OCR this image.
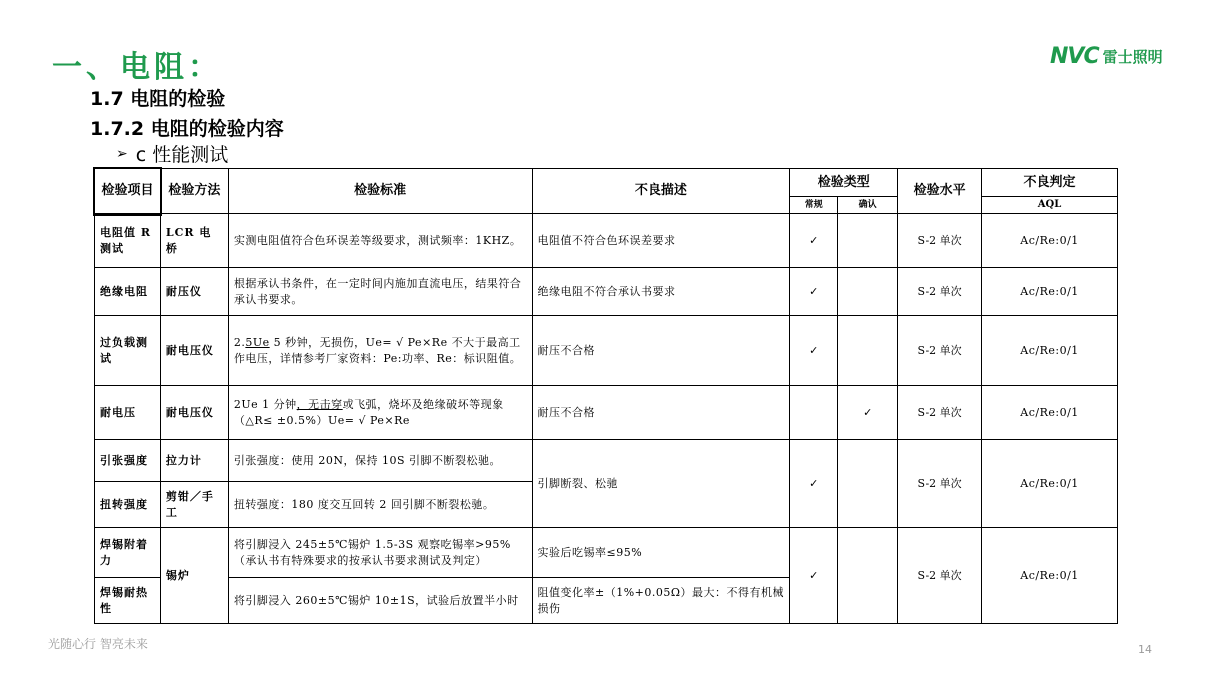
一、电阻：	NVC 雷士照明
1.7 电阻的检验
1.7.2 电阻的检验内容
➢ c 性能测试
检验项目	检验方法	检验标准	不良描述	检验类型		检验水平	不良判定
				常规	确认		AQL
电阻值 R 测试	LCR 电桥	实测电阻值符合色环误差等级要求，测试频率：1KHZ。	电阻值不符合色环误差要求	✓		S-2 单次	Ac/Re:0/1
绝缘电阻	耐压仪	根据承认书条件，在一定时间内施加直流电压，结果符合承认书要求。	绝缘电阻不符合承认书要求	✓		S-2 单次	Ac/Re:0/1
过负载测试	耐电压仪	2.5Ue 5 秒钟，无损伤，Ue= √ Pe×Re 不大于最高工作电压，详情参考厂家资料：Pe:功率、Re：标识阻值。	耐压不合格	✓		S-2 单次	Ac/Re:0/1
耐电压	耐电压仪	2Ue 1 分钟，无击穿或飞弧，烧坏及绝缘破坏等现象（△R≤ ±0.5%）Ue= √ Pe×Re	耐压不合格		✓	S-2 单次	Ac/Re:0/1
引张强度	拉力计	引张强度：使用 20N，保持 10S 引脚不断裂松驰。	引脚断裂、松驰	✓		S-2 单次	Ac/Re:0/1
扭转强度	剪钳／手工	扭转强度：180 度交互回转 2 回引脚不断裂松驰。					
焊锡附着力	锡炉	将引脚浸入 245±5℃锡炉 1.5-3S 观察吃锡率>95%（承认书有特殊要求的按承认书要求测试及判定）	实验后吃锡率≤95%	✓		S-2 单次	Ac/Re:0/1
焊锡耐热性		将引脚浸入 260±5℃锡炉 10±1S，试验后放置半小时	阻值变化率±（1%+0.05Ω）最大：不得有机械损伤				
光随心行 智亮未来	14
